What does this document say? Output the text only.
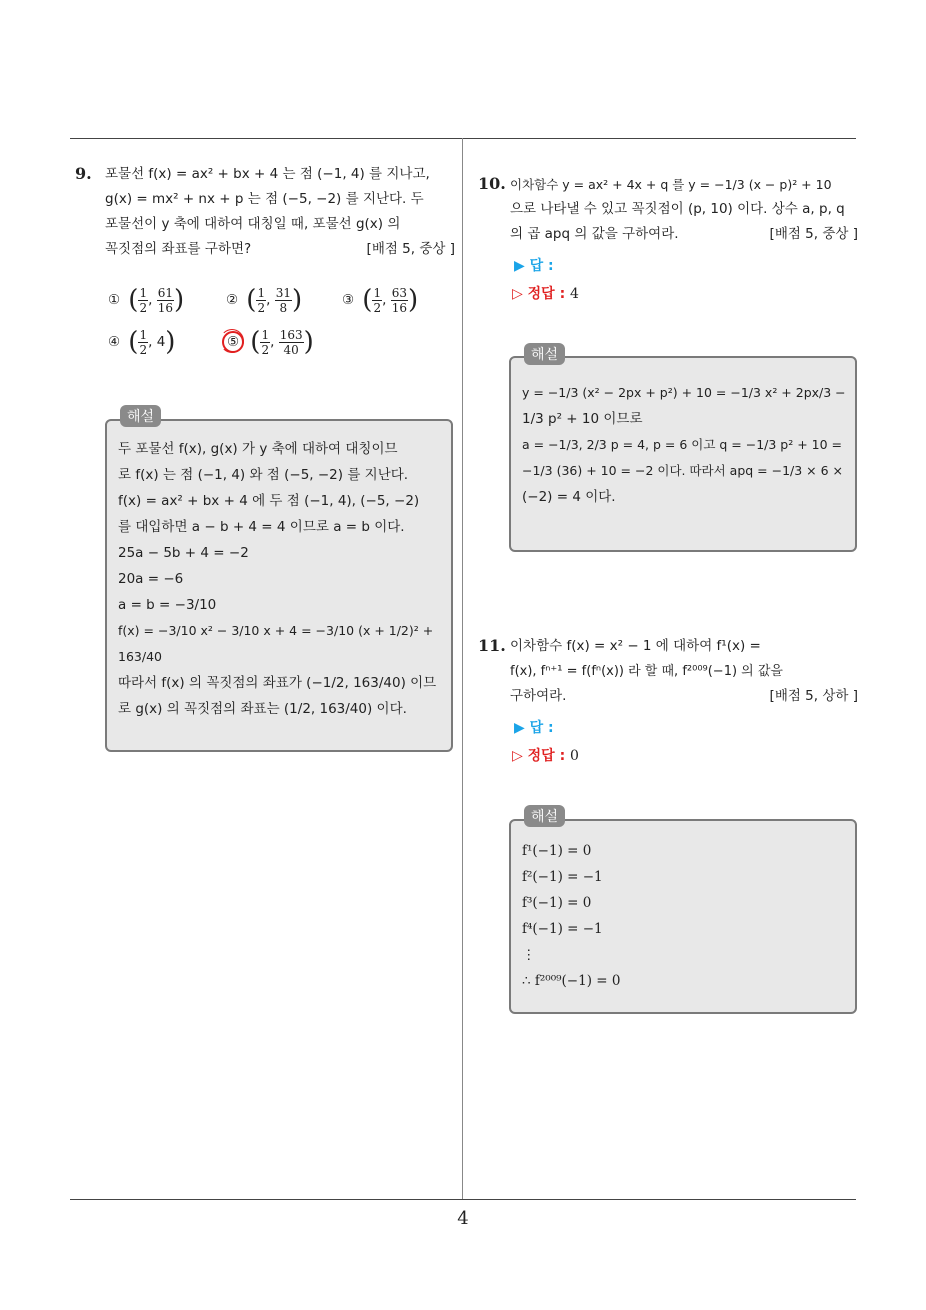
4
9. 포물선 f(x) = ax² + bx + 4 는 점 (−1, 4) 를 지나고,
g(x) = mx² + nx + p 는 점 (−5, −2) 를 지난다. 두
포물선이 y 축에 대하여 대칭일 때, 포물선 g(x) 의
꼭짓점의 좌표를 구하면?	[배점 5, 중상 ]
① ( $\frac{1}{2}$ , $\frac{61}{16}$ )	② ( $\frac{1}{2}$ , $\frac{31}{8}$ )	③ ( $\frac{1}{2}$ , $\frac{63}{16}$ )
④ ( $\frac{1}{2}$ , 4)	⑤ ( $\frac{1}{2}$ , $\frac{163}{40}$ )
해설
두 포물선 f(x), g(x) 가 y 축에 대하여 대칭이므
로 f(x) 는 점 (−1, 4) 와 점 (−5, −2) 를 지난다.
f(x) = ax² + bx + 4 에 두 점 (−1, 4), (−5, −2)
를 대입하면 a − b + 4 = 4 이므로 a = b 이다.
25a − 5b + 4 = −2
20a = −6
a = b = −3/10
f(x) = −3/10 x² − 3/10 x + 4 = −3/10 (x + 1/2)² + 163/40
따라서 f(x) 의 꼭짓점의 좌표가 (−1/2, 163/40) 이므
로 g(x) 의 꼭짓점의 좌표는 (1/2, 163/40) 이다.
10. 이차함수 y = ax² + 4x + q 를 y = −1/3 (x − p)² + 10
으로 나타낼 수 있고 꼭짓점이 (p, 10) 이다. 상수 a, p, q
의 곱 apq 의 값을 구하여라.	[배점 5, 중상 ]
▶ 답 :
▷ 정답 : 4
해설
y = −1/3 (x² − 2px + p²) + 10 = −1/3 x² + 2px/3 −
1/3 p² + 10 이므로
a = −1/3, 2/3 p = 4, p = 6 이고 q = −1/3 p² + 10 =
−1/3 (36) + 10 = −2 이다. 따라서 apq = −1/3 × 6 ×
(−2) = 4 이다.
11. 이차함수 f(x) = x² − 1 에 대하여 f¹(x) =
f(x), fⁿ⁺¹ = f(fⁿ(x)) 라 할 때, f²⁰⁰⁹(−1) 의 값을
구하여라.	[배점 5, 상하 ]
▶ 답 :
▷ 정답 : 0
해설
f¹(−1) = 0
f²(−1) = −1
f³(−1) = 0
f⁴(−1) = −1
⋮
∴ f²⁰⁰⁹(−1) = 0
